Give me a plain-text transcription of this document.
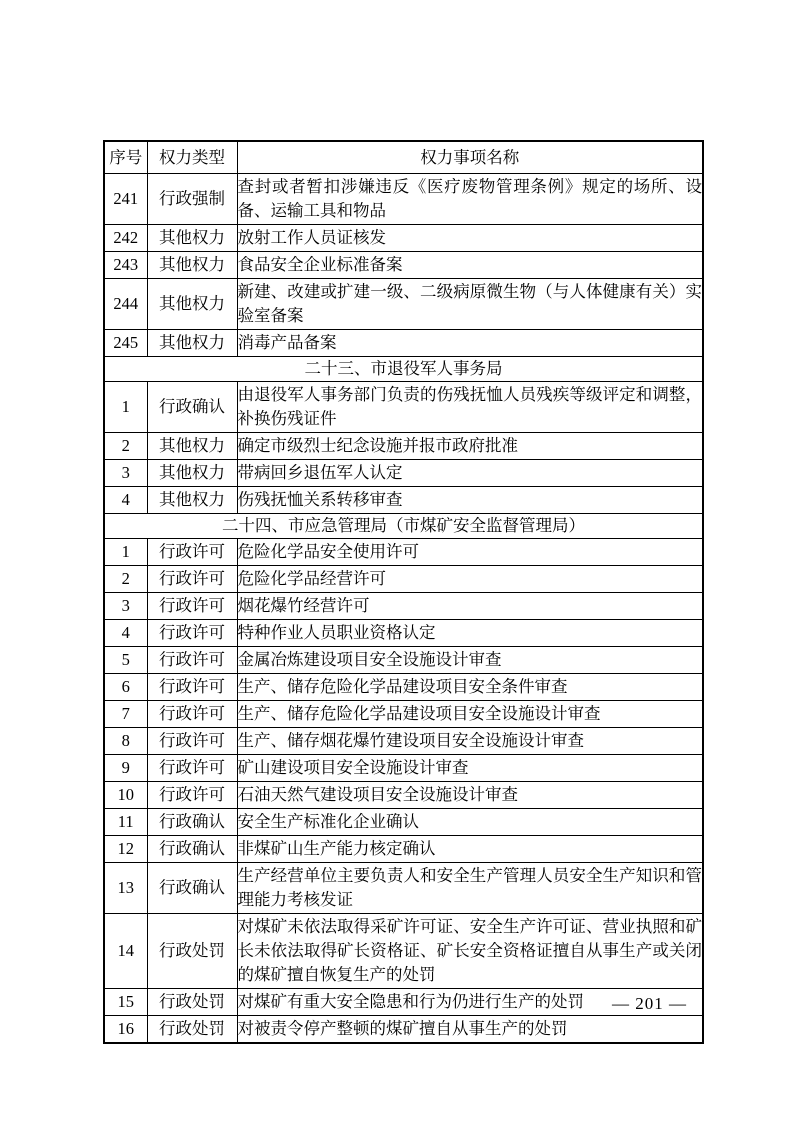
序号	权力类型	权力事项名称
241	行政强制	查封或者暂扣涉嫌违反《医疗废物管理条例》规定的场所、设备、运输工具和物品
242	其他权力	放射工作人员证核发
243	其他权力	食品安全企业标准备案
244	其他权力	新建、改建或扩建一级、二级病原微生物（与人体健康有关）实验室备案
245	其他权力	消毒产品备案
二十三、市退役军人事务局		
1	行政确认	由退役军人事务部门负责的伤残抚恤人员残疾等级评定和调整，补换伤残证件
2	其他权力	确定市级烈士纪念设施并报市政府批准
3	其他权力	带病回乡退伍军人认定
4	其他权力	伤残抚恤关系转移审查
二十四、市应急管理局（市煤矿安全监督管理局）		
1	行政许可	危险化学品安全使用许可
2	行政许可	危险化学品经营许可
3	行政许可	烟花爆竹经营许可
4	行政许可	特种作业人员职业资格认定
5	行政许可	金属冶炼建设项目安全设施设计审查
6	行政许可	生产、储存危险化学品建设项目安全条件审查
7	行政许可	生产、储存危险化学品建设项目安全设施设计审查
8	行政许可	生产、储存烟花爆竹建设项目安全设施设计审查
9	行政许可	矿山建设项目安全设施设计审查
10	行政许可	石油天然气建设项目安全设施设计审查
11	行政确认	安全生产标准化企业确认
12	行政确认	非煤矿山生产能力核定确认
13	行政确认	生产经营单位主要负责人和安全生产管理人员安全生产知识和管理能力考核发证
14	行政处罚	对煤矿未依法取得采矿许可证、安全生产许可证、营业执照和矿长未依法取得矿长资格证、矿长安全资格证擅自从事生产或关闭的煤矿擅自恢复生产的处罚
15	行政处罚	对煤矿有重大安全隐患和行为仍进行生产的处罚
16	行政处罚	对被责令停产整顿的煤矿擅自从事生产的处罚
— 201 —
